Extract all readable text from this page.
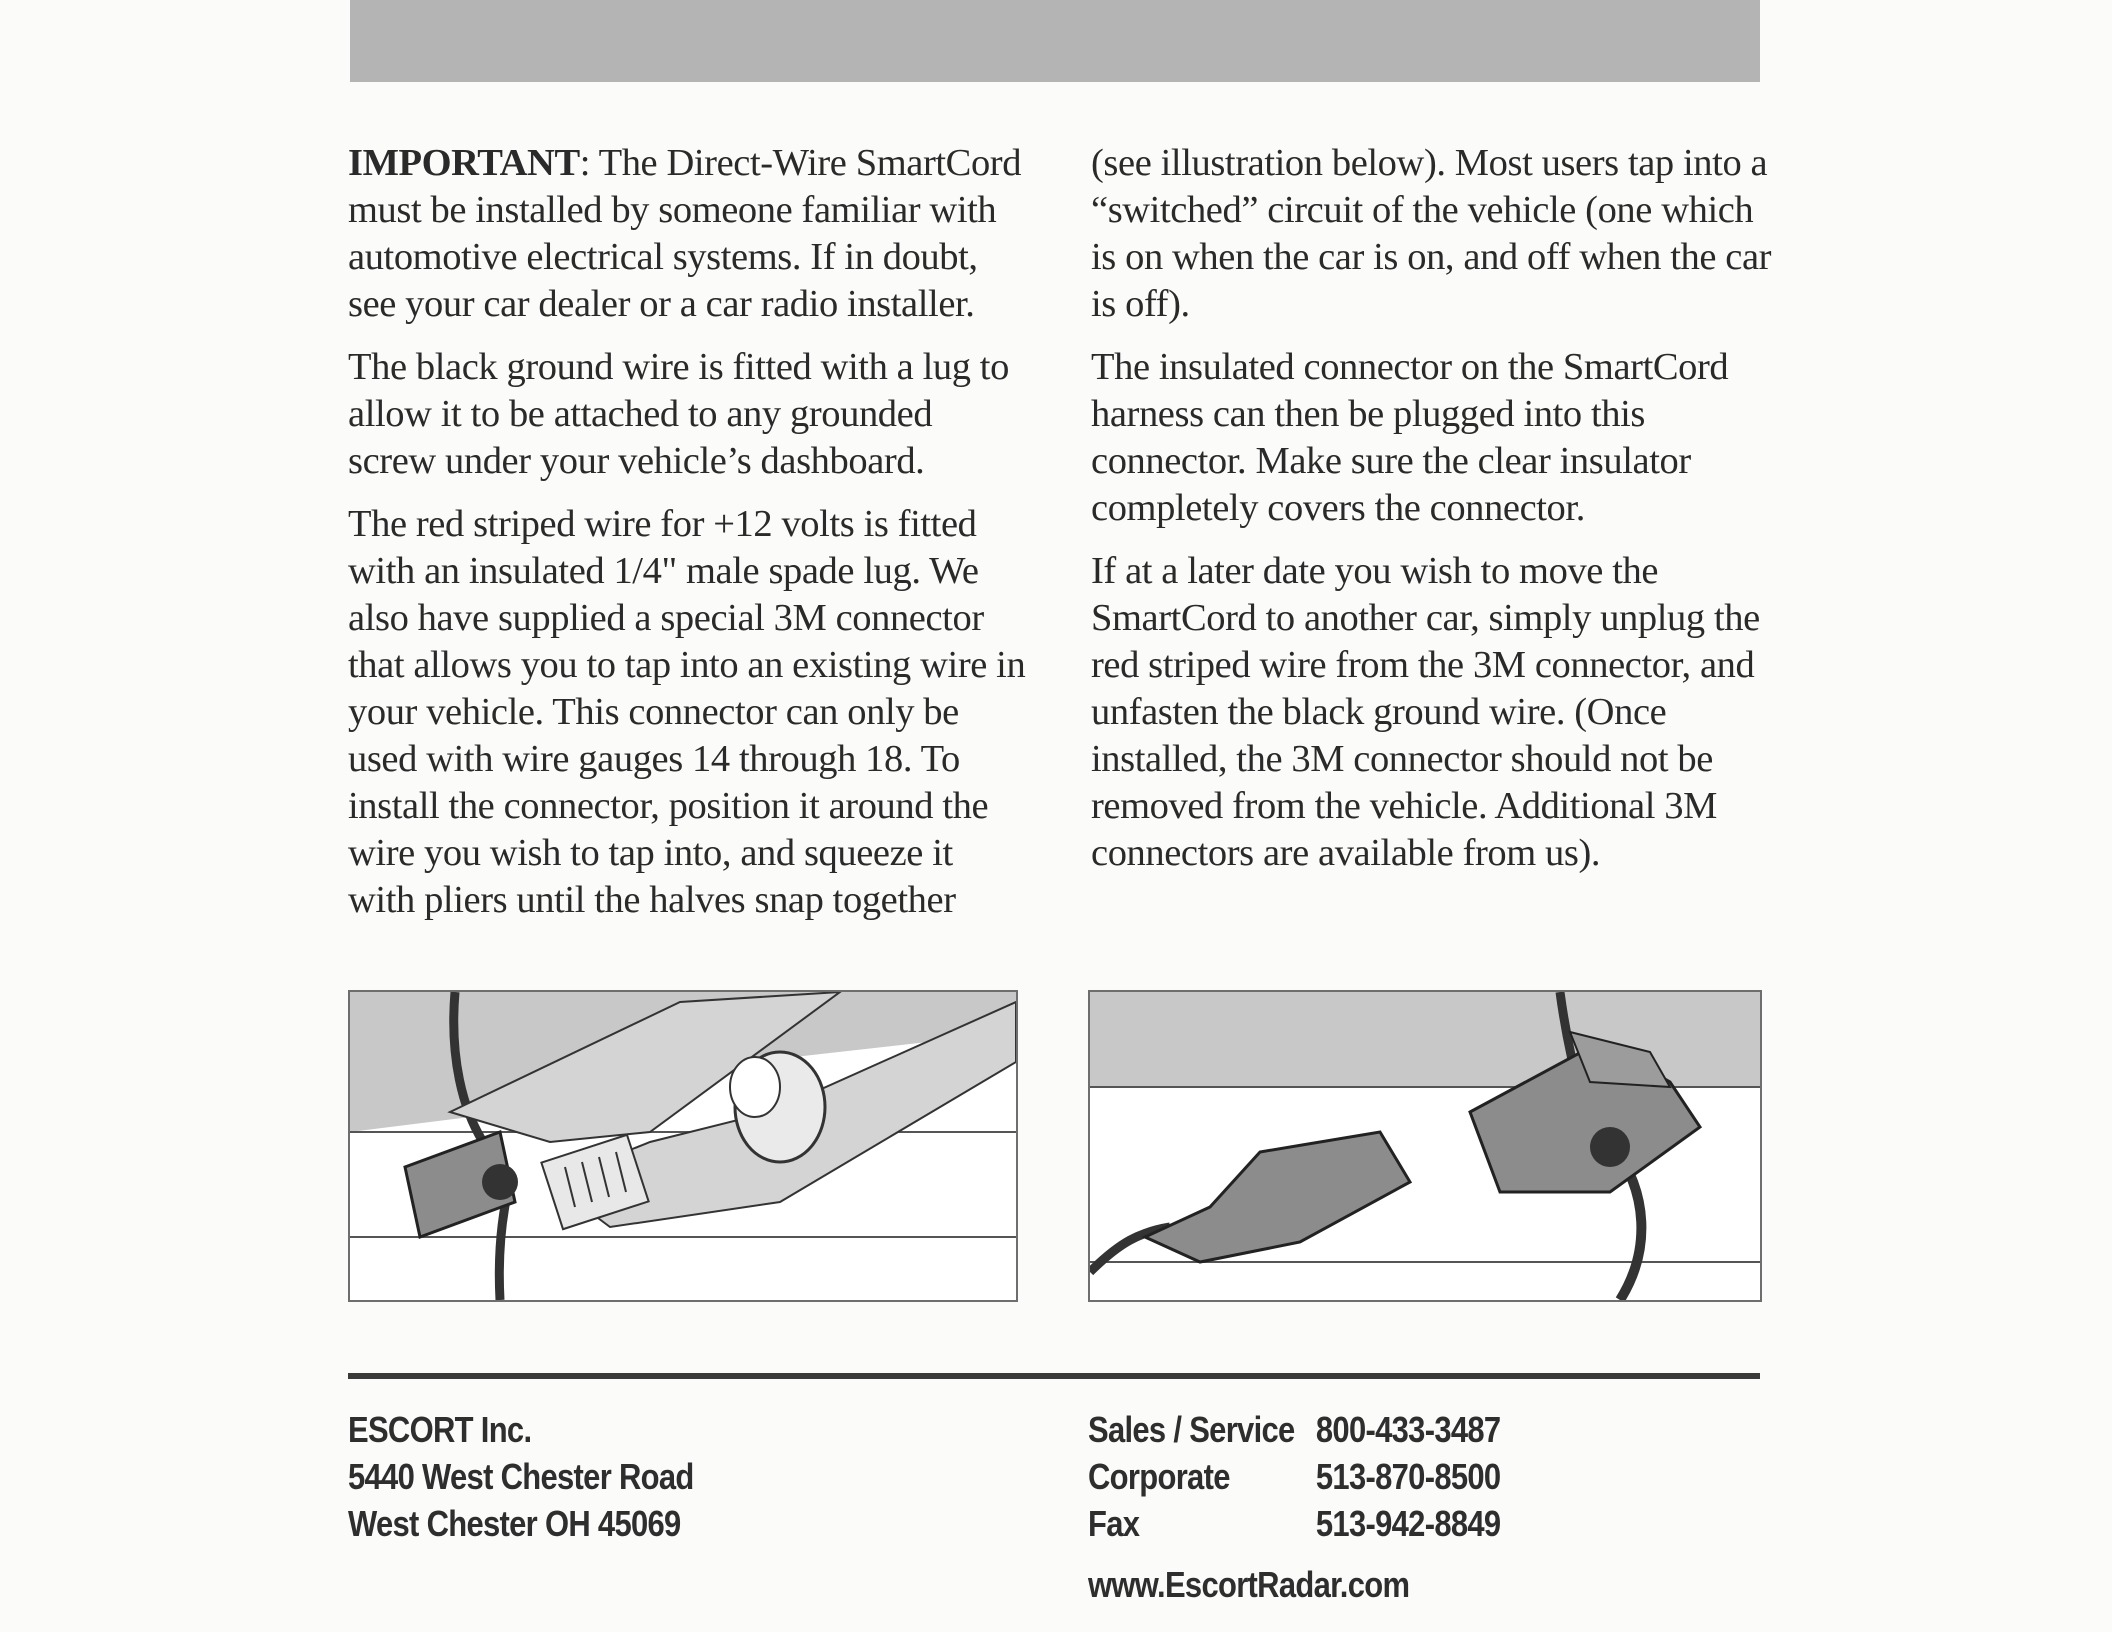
IMPORTANT: The Direct-Wire SmartCord must be installed by someone familiar with automotive electrical systems. If in doubt, see your car dealer or a car radio installer.

The black ground wire is fitted with a lug to allow it to be attached to any grounded screw under your vehicle’s dashboard.

The red striped wire for +12 volts is fitted with an insulated 1/4" male spade lug. We also have supplied a special 3M connector that allows you to tap into an existing wire in your vehicle. This connector can only be used with wire gauges 14 through 18. To install the connector, position it around the wire you wish to tap into, and squeeze it with pliers until the halves snap together

(see illustration below). Most users tap into a “switched” circuit of the vehicle (one which is on when the car is on, and off when the car is off).

The insulated connector on the SmartCord harness can then be plugged into this connector. Make sure the clear insulator completely covers the connector.

If at a later date you wish to move the SmartCord to another car, simply unplug the red striped wire from the 3M connector, and unfasten the black ground wire. (Once installed, the 3M connector should not be removed from the vehicle. Additional 3M connectors are available from us).

ESCORT Inc.
5440 West Chester Road
West Chester OH 45069
Sales / Service 800-433-3487
Corporate	513-870-8500
Fax	513-942-8849
www.EscortRadar.com
